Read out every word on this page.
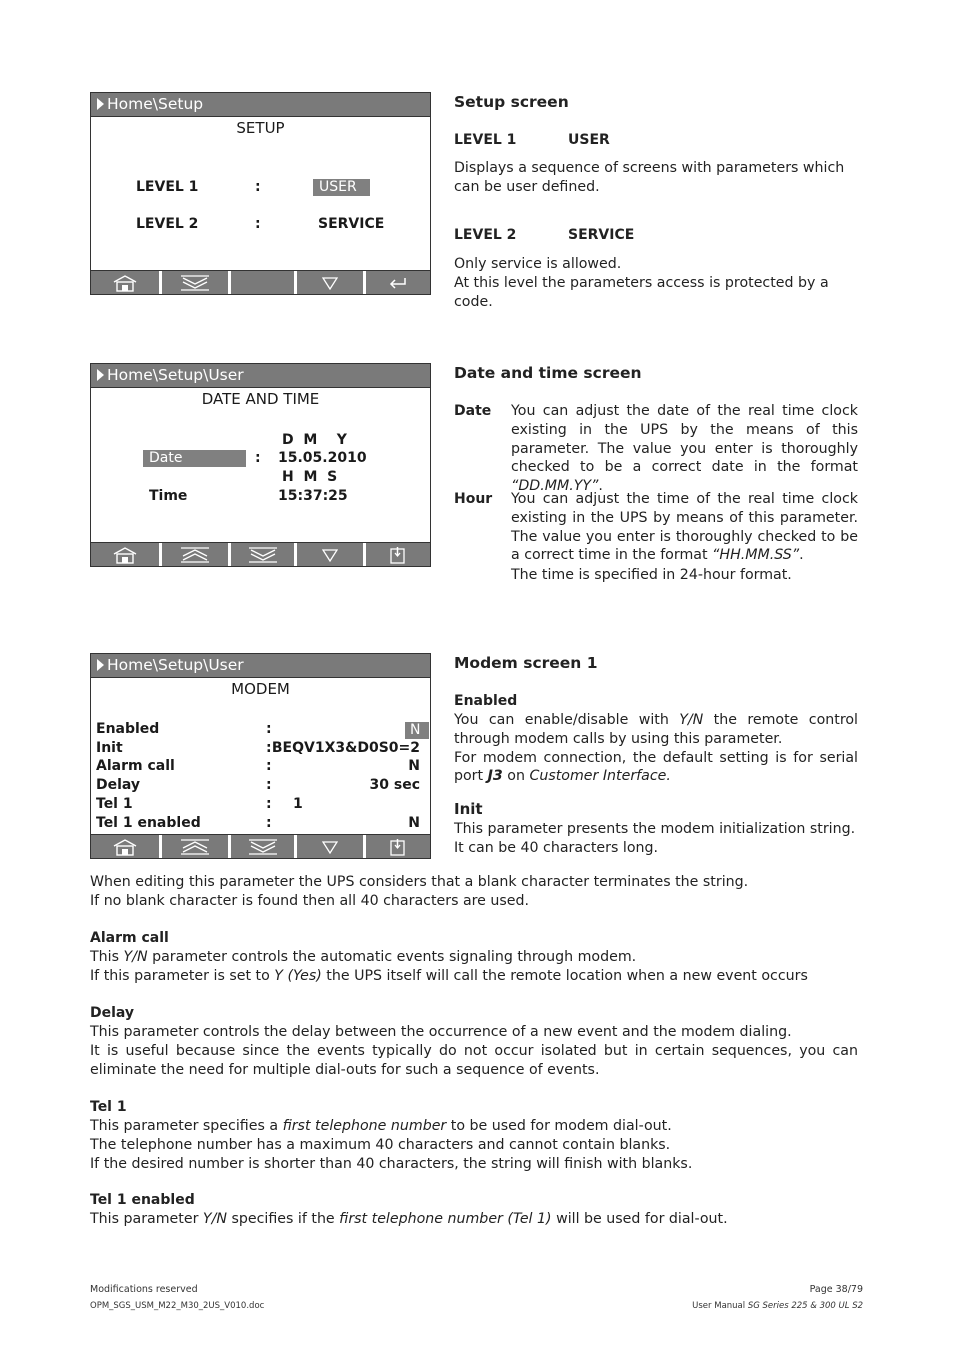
Home\Setup
SETUP
LEVEL 1	:	USER
LEVEL 2	:	SERVICE
Home\Setup\User
DATE AND TIME
D  M    Y
Date	: 15.05.2010
H  M  S
Time	15:37:25
Home\Setup\User
MODEM
Enabled	:	N
Init	: BEQV1X3&D0S0=2
Alarm call	:	N
Delay	:	30 sec
Tel 1	: 1
Tel 1 enabled	:	N
Setup screen
LEVEL 1	USER
Displays a sequence of screens with parameters which can be user defined.
LEVEL 2	SERVICE
Only service is allowed.
At this level the parameters access is protected by a code.
Date and time screen
Date You can adjust the date of the real time clock existing in the UPS by the means of this parameter. The value you enter is thoroughly checked to be a correct date in the format “DD.MM.YY”.
Hour You can adjust the time of the real time clock existing in the UPS by means of this parameter. The value you enter is thoroughly checked to be a correct time in the format “HH.MM.SS”.
The time is specified in 24-hour format.
Modem screen 1
Enabled
You can enable/disable with Y/N the remote control through modem calls by using this parameter.
For modem connection, the default setting is for serial port J3 on Customer Interface.
Init
This parameter presents the modem initialization string.
It can be 40 characters long.
When editing this parameter the UPS considers that a blank character terminates the string.
If no blank character is found then all 40 characters are used.
Alarm call
This Y/N parameter controls the automatic events signaling through modem.
If this parameter is set to Y (Yes) the UPS itself will call the remote location when a new event occurs
Delay
This parameter controls the delay between the occurrence of a new event and the modem dialing.
It is useful because since the events typically do not occur isolated but in certain sequences, you can eliminate the need for multiple dial-outs for such a sequence of events.
Tel 1
This parameter specifies a first telephone number to be used for modem dial-out.
The telephone number has a maximum 40 characters and cannot contain blanks.
If the desired number is shorter than 40 characters, the string will finish with blanks.
Tel 1 enabled
This parameter Y/N specifies if the first telephone number (Tel 1) will be used for dial-out.
Modifications reserved
OPM_SGS_USM_M22_M30_2US_V010.doc
Page 38/79
User Manual SG Series 225 & 300 UL S2
